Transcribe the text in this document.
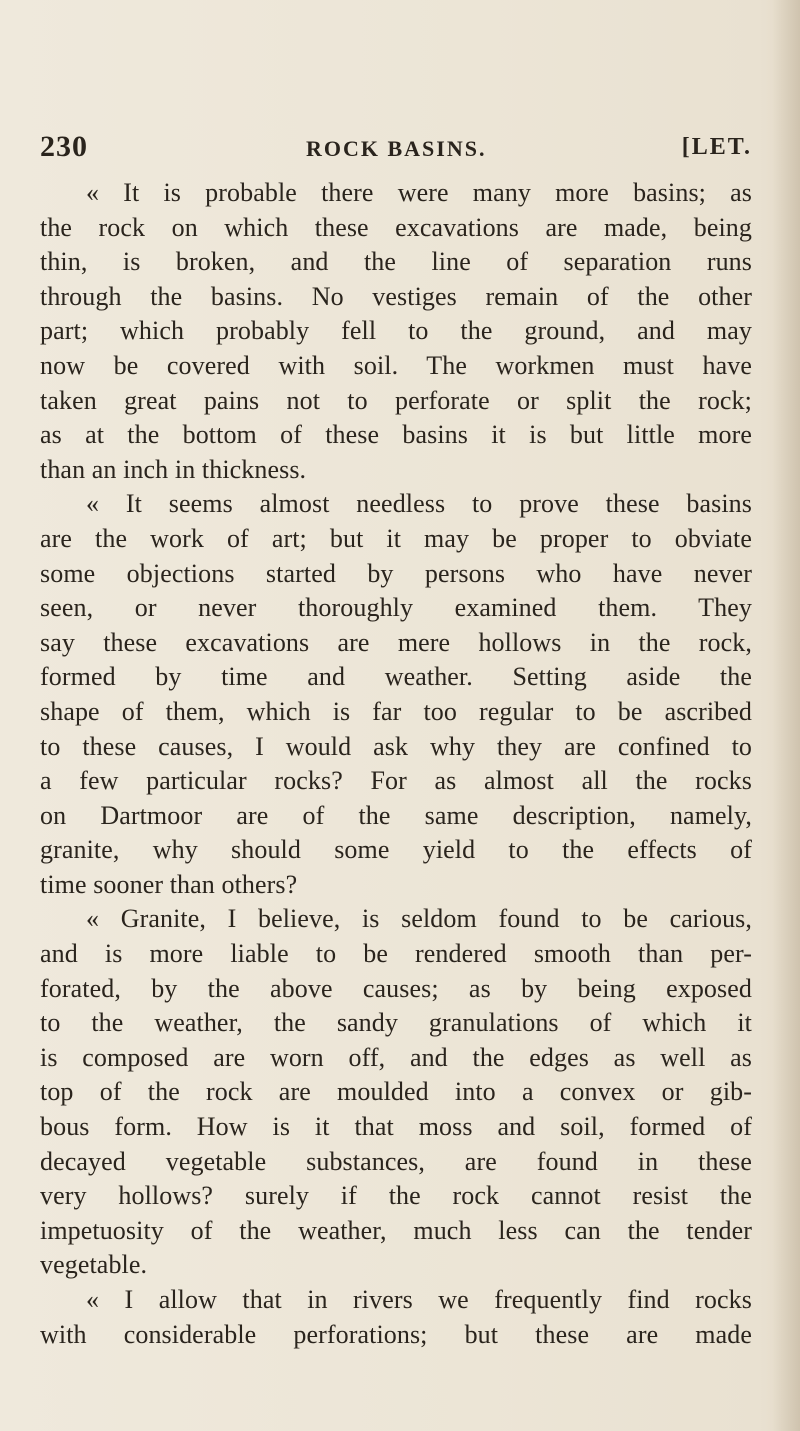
230	ROCK BASINS.	[LET.
« It is probable there were many more basins; as
the rock on which these excavations are made, being
thin, is broken, and the line of separation runs
through the basins. No vestiges remain of the other
part; which probably fell to the ground, and may
now be covered with soil. The workmen must have
taken great pains not to perforate or split the rock;
as at the bottom of these basins it is but little more
than an inch in thickness.
« It seems almost needless to prove these basins
are the work of art; but it may be proper to obviate
some objections started by persons who have never
seen, or never thoroughly examined them. They
say these excavations are mere hollows in the rock,
formed by time and weather. Setting aside the
shape of them, which is far too regular to be ascribed
to these causes, I would ask why they are confined to
a few particular rocks? For as almost all the rocks
on Dartmoor are of the same description, namely,
granite, why should some yield to the effects of
time sooner than others?
« Granite, I believe, is seldom found to be carious,
and is more liable to be rendered smooth than per-
forated, by the above causes; as by being exposed
to the weather, the sandy granulations of which it
is composed are worn off, and the edges as well as
top of the rock are moulded into a convex or gib-
bous form. How is it that moss and soil, formed of
decayed vegetable substances, are found in these
very hollows? surely if the rock cannot resist the
impetuosity of the weather, much less can the tender
vegetable.
« I allow that in rivers we frequently find rocks
with considerable perforations; but these are made
